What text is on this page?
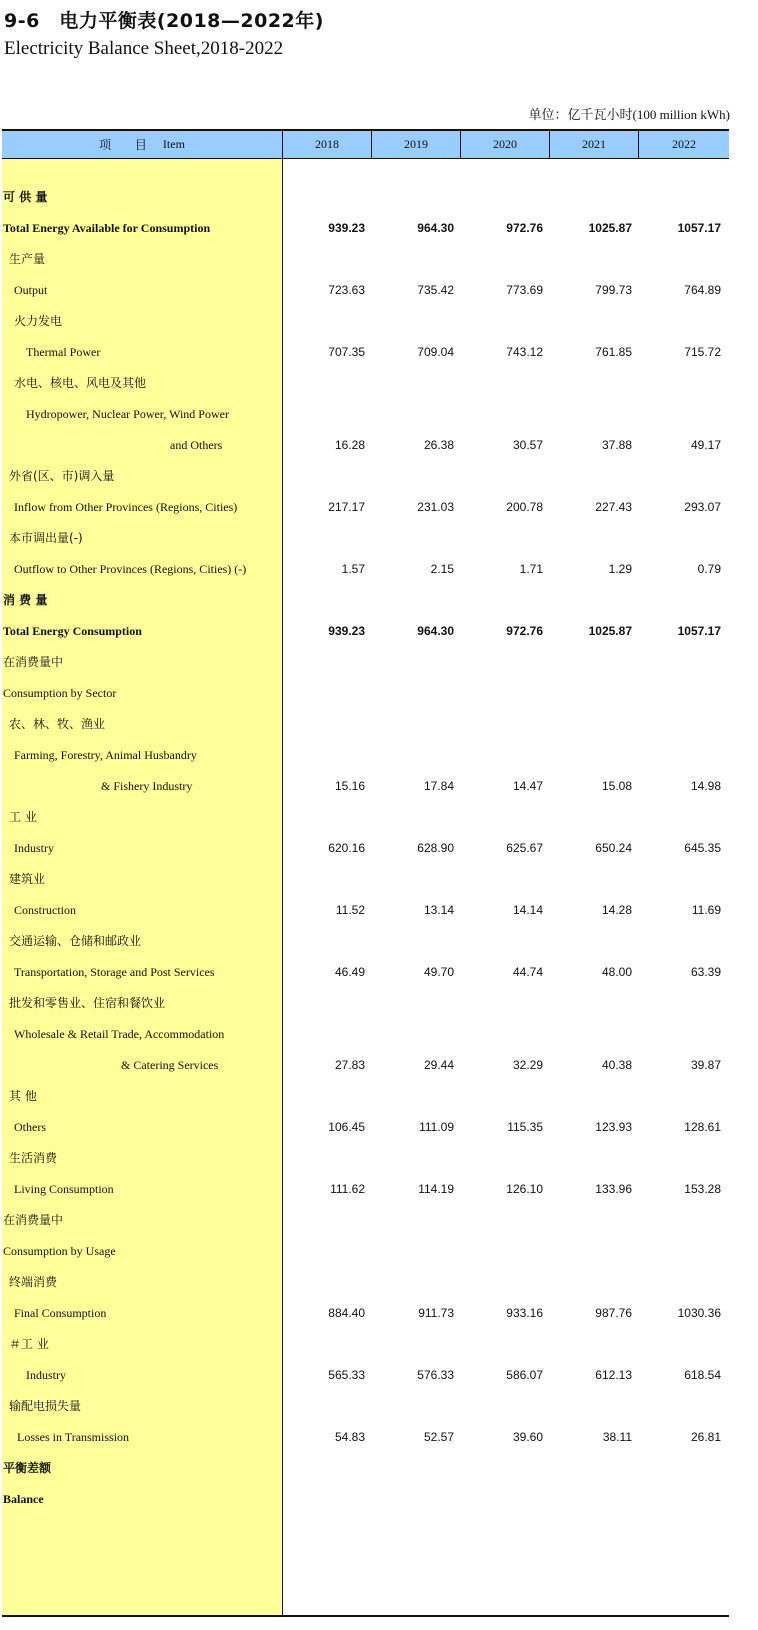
9-6　电力平衡表(2018—2022年)
Electricity Balance Sheet,2018-2022
单位：亿千瓦小时(100 million kWh)
项 目 Item	2018	2019	2020	2021	2022
可 供 量
Total Energy Available for Consumption	939.23	964.30	972.76	1025.87	1057.17
生产量
Output	723.63	735.42	773.69	799.73	764.89
火力发电
Thermal Power	707.35	709.04	743.12	761.85	715.72
水电、核电、风电及其他
Hydropower, Nuclear Power, Wind Power
and Others	16.28	26.38	30.57	37.88	49.17
外省(区、市)调入量
Inflow from Other Provinces (Regions, Cities)	217.17	231.03	200.78	227.43	293.07
本市调出量(-)
Outflow to Other Provinces (Regions, Cities) (-)	1.57	2.15	1.71	1.29	0.79
消 费 量
Total Energy Consumption	939.23	964.30	972.76	1025.87	1057.17
在消费量中
Consumption by Sector
农、林、牧、渔业
Farming, Forestry, Animal Husbandry
& Fishery Industry	15.16	17.84	14.47	15.08	14.98
工 业
Industry	620.16	628.90	625.67	650.24	645.35
建筑业
Construction	11.52	13.14	14.14	14.28	11.69
交通运输、仓储和邮政业
Transportation, Storage and Post Services	46.49	49.70	44.74	48.00	63.39
批发和零售业、住宿和餐饮业
Wholesale & Retail Trade, Accommodation
& Catering Services	27.83	29.44	32.29	40.38	39.87
其 他
Others	106.45	111.09	115.35	123.93	128.61
生活消费
Living Consumption	111.62	114.19	126.10	133.96	153.28
在消费量中
Consumption by Usage
终端消费
Final Consumption	884.40	911.73	933.16	987.76	1030.36
＃工 业
Industry	565.33	576.33	586.07	612.13	618.54
输配电损失量
Losses in Transmission	54.83	52.57	39.60	38.11	26.81
平衡差额
Balance
